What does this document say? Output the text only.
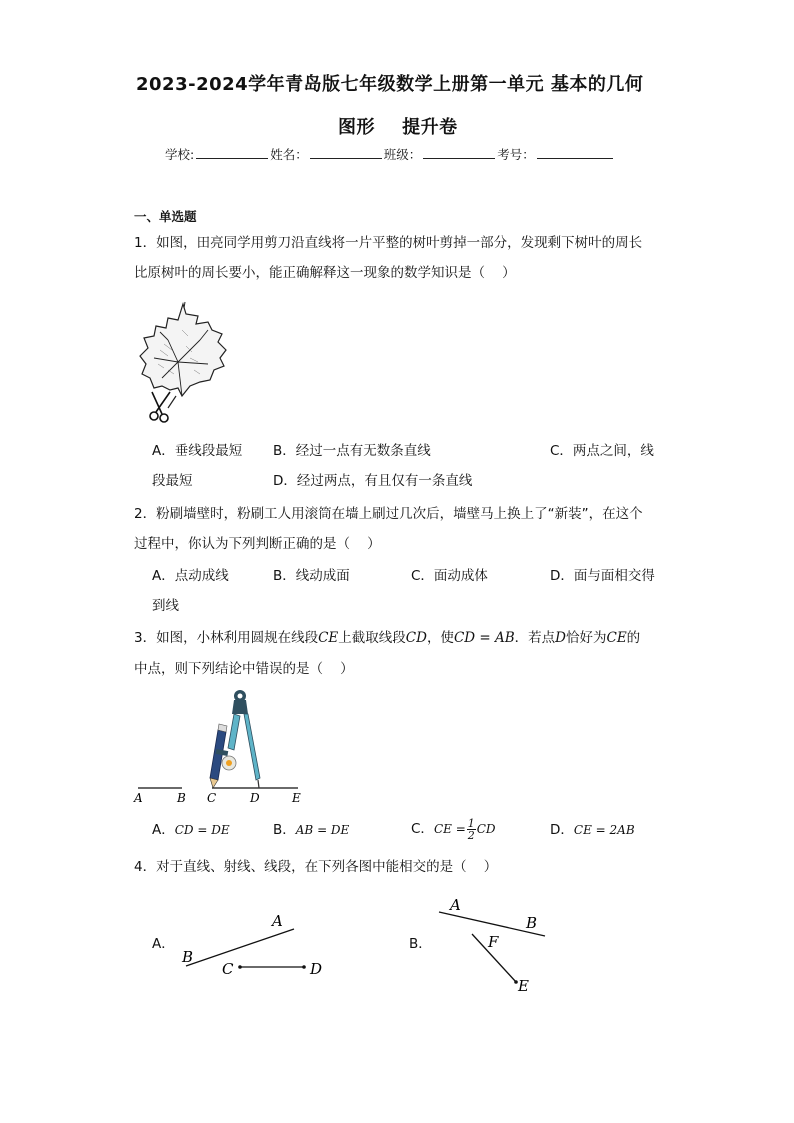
2023-2024学年青岛版七年级数学上册第一单元 基本的几何
图形    提升卷
学校:	姓名：	班级：	考号：
一、单选题
1．如图，田亮同学用剪刀沿直线将一片平整的树叶剪掉一部分，发现剩下树叶的周长
比原树叶的周长要小，能正确解释这一现象的数学知识是（    ）
A．垂线段最短 B．经过一点有无数条直线	C．两点之间，线
段最短	D．经过两点，有且仅有一条直线
2．粉刷墙壁时，粉刷工人用滚筒在墙上刷过几次后，墙壁马上换上了“新装”，在这个
过程中，你认为下列判断正确的是（    ）
A．点动成线	B．线动成面	C．面动成体	D．面与面相交得
到线
3．如图，小林利用圆规在线段CE上截取线段CD，使CD = AB．若点D恰好为CE的
中点，则下列结论中错误的是（    ）
A	B C	D	E
A．CD = DE	B．AB = DE	C．CE = $\frac{1}{2}$ CD	D．CE = 2AB
4．对于直线、射线、线段，在下列各图中能相交的是（    ）
A．
A
B
C	D
B．
A
B
F
E
